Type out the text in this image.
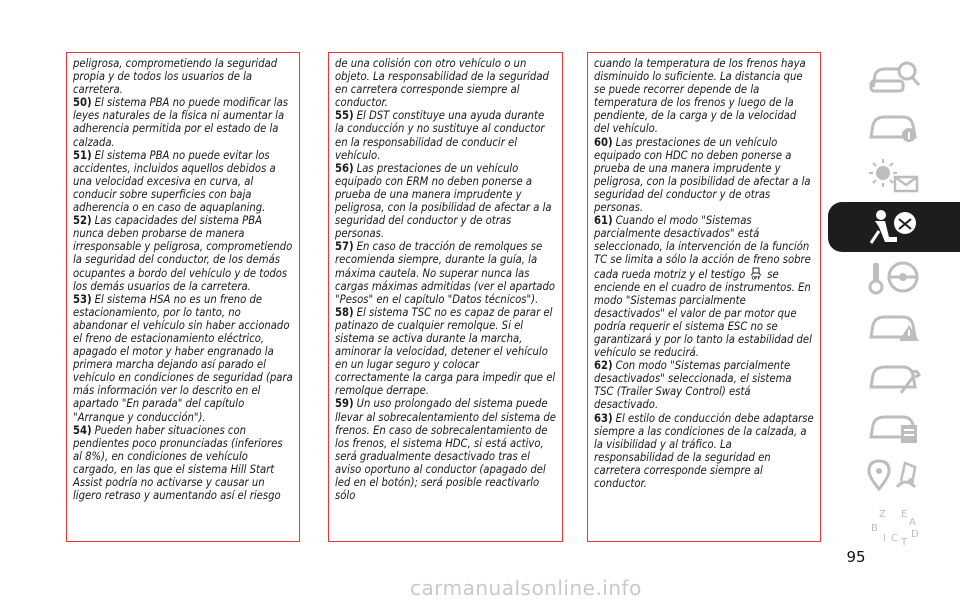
peligrosa, comprometiendo la seguridad propia y de todos los usuarios de la carretera.

50) El sistema PBA no puede modificar las leyes naturales de la física ni aumentar la adherencia permitida por el estado de la calzada.

51) El sistema PBA no puede evitar los accidentes, incluidos aquellos debidos a una velocidad excesiva en curva, al conducir sobre superficies con baja adherencia o en caso de aquaplaning.

52) Las capacidades del sistema PBA nunca deben probarse de manera irresponsable y peligrosa, comprometiendo la seguridad del conductor, de los demás ocupantes a bordo del vehículo y de todos los demás usuarios de la carretera.

53) El sistema HSA no es un freno de estacionamiento, por lo tanto, no abandonar el vehículo sin haber accionado el freno de estacionamiento eléctrico, apagado el motor y haber engranado la primera marcha dejando así parado el vehículo en condiciones de seguridad (para más información ver lo descrito en el apartado "En parada" del capítulo "Arranque y conducción").

54) Pueden haber situaciones con pendientes poco pronunciadas (inferiores al 8%), en condiciones de vehículo cargado, en las que el sistema Hill Start Assist podría no activarse y causar un ligero retraso y aumentando así el riesgo

de una colisión con otro vehículo o un objeto. La responsabilidad de la seguridad en carretera corresponde siempre al conductor.

55) El DST constituye una ayuda durante la conducción y no sustituye al conductor en la responsabilidad de conducir el vehículo.

56) Las prestaciones de un vehículo equipado con ERM no deben ponerse a prueba de una manera imprudente y peligrosa, con la posibilidad de afectar a la seguridad del conductor y de otras personas.

57) En caso de tracción de remolques se recomienda siempre, durante la guía, la máxima cautela. No superar nunca las cargas máximas admitidas (ver el apartado "Pesos" en el capítulo "Datos técnicos").

58) El sistema TSC no es capaz de parar el patinazo de cualquier remolque. Si el sistema se activa durante la marcha, aminorar la velocidad, detener el vehículo en un lugar seguro y colocar correctamente la carga para impedir que el remolque derrape.

59) Un uso prolongado del sistema puede llevar al sobrecalentamiento del sistema de frenos. En caso de sobrecalentamiento de los frenos, el sistema HDC, si está activo, será gradualmente desactivado tras el aviso oportuno al conductor (apagado del led en el botón); será posible reactivarlo sólo

cuando la temperatura de los frenos haya disminuido lo suficiente. La distancia que se puede recorrer depende de la temperatura de los frenos y luego de la pendiente, de la carga y de la velocidad del vehículo.

60) Las prestaciones de un vehículo equipado con HDC no deben ponerse a prueba de una manera imprudente y peligrosa, con la posibilidad de afectar a la seguridad del conductor y de otras personas.

61) Cuando el modo "Sistemas parcialmente desactivados" está seleccionado, la intervención de la función TC se limita a sólo la acción de freno sobre cada rueda motriz y el testigo OFF se enciende en el cuadro de instrumentos. En modo "Sistemas parcialmente desactivados" el valor de par motor que podría requerir el sistema ESC no se garantizará y por lo tanto la estabilidad del vehículo se reducirá.

62) Con modo "Sistemas parcialmente desactivados" seleccionada, el sistema TSC (Trailer Sway Control) está desactivado.

63) El estilo de conducción debe adaptarse siempre a las condiciones de la calzada, a la visibilidad y al tráfico. La responsabilidad de la seguridad en carretera corresponde siempre al conductor.

Z E
A
B
D
I C T
95
carmanualsonline.info
